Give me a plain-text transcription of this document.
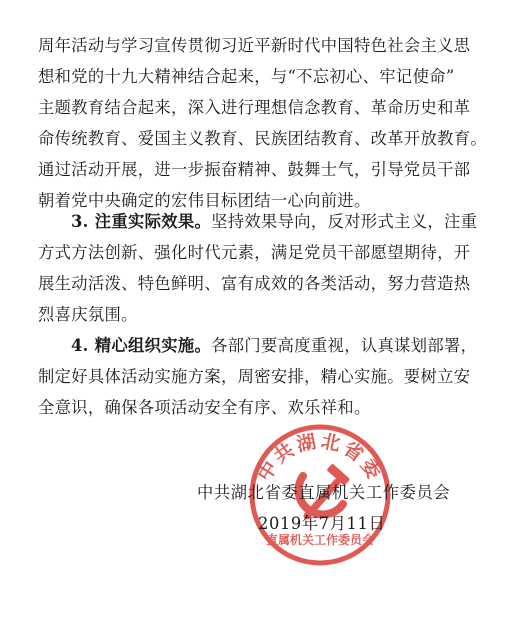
周年活动与学习宣传贯彻习近平新时代中国特色社会主义思
想和党的十九大精神结合起来，与“不忘初心、牢记使命”
主题教育结合起来，深入进行理想信念教育、革命历史和革
命传统教育、爱国主义教育、民族团结教育、改革开放教育。
通过活动开展，进一步振奋精神、鼓舞士气，引导党员干部
朝着党中央确定的宏伟目标团结一心向前进。
3. 注重实际效果。坚持效果导向，反对形式主义，注重
方式方法创新、强化时代元素，满足党员干部愿望期待，开
展生动活泼、特色鲜明、富有成效的各类活动，努力营造热
烈喜庆氛围。
4. 精心组织实施。各部门要高度重视，认真谋划部署，
制定好具体活动实施方案，周密安排，精心实施。要树立安
全意识，确保各项活动安全有序、欢乐祥和。
中共湖北省委
直属机关工作委员会
中共湖北省委直属机关工作委员会
2019年7月11日
